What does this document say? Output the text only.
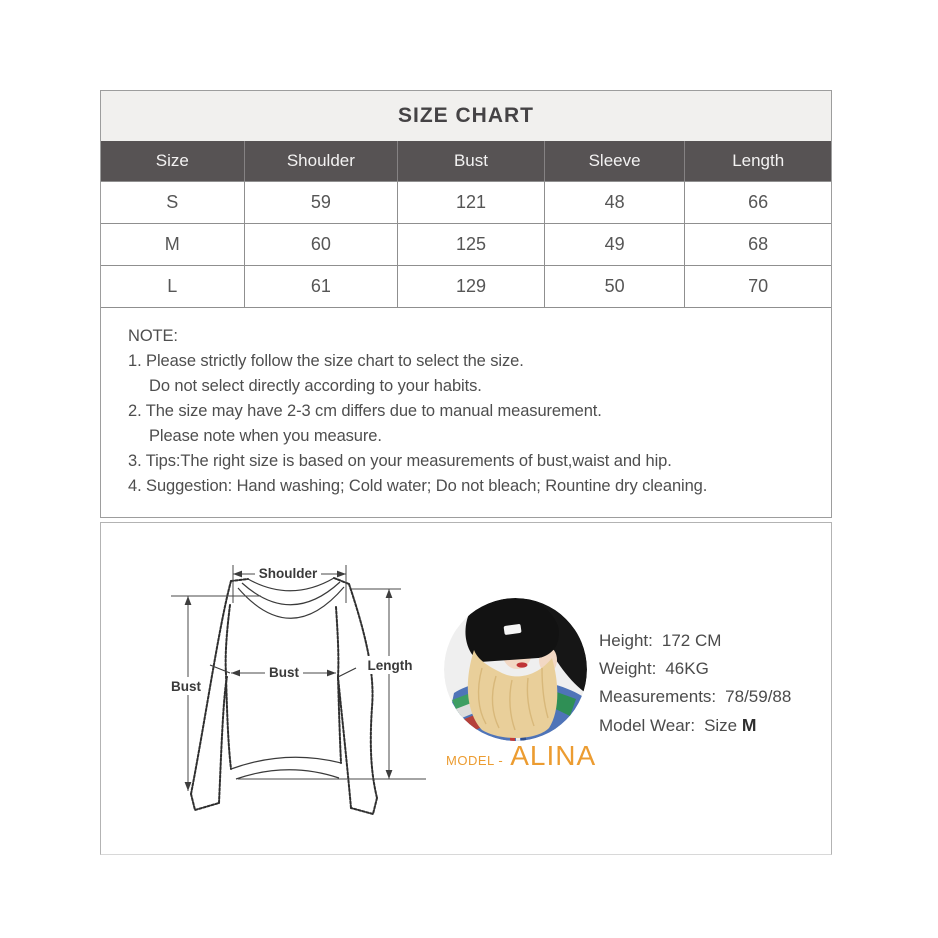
SIZE CHART
Size	Shoulder	Bust	Sleeve	Length
S	59	121	48	66
M	60	125	49	68
L	61	129	50	70
NOTE:
1. Please strictly follow the size chart to select the size.
Do not select directly according to your habits.
2. The size may have 2-3 cm differs due to manual measurement.
Please note when you measure.
3. Tips:The right size is based on your measurements of bust,waist and hip.
4. Suggestion: Hand washing; Cold water; Do not bleach; Rountine dry cleaning.
Shoulder
Bust
Bust
Length
MODEL - ALINA
Height: 172 CM
Weight: 46KG
Measurements: 78/59/88
Model Wear: Size M
